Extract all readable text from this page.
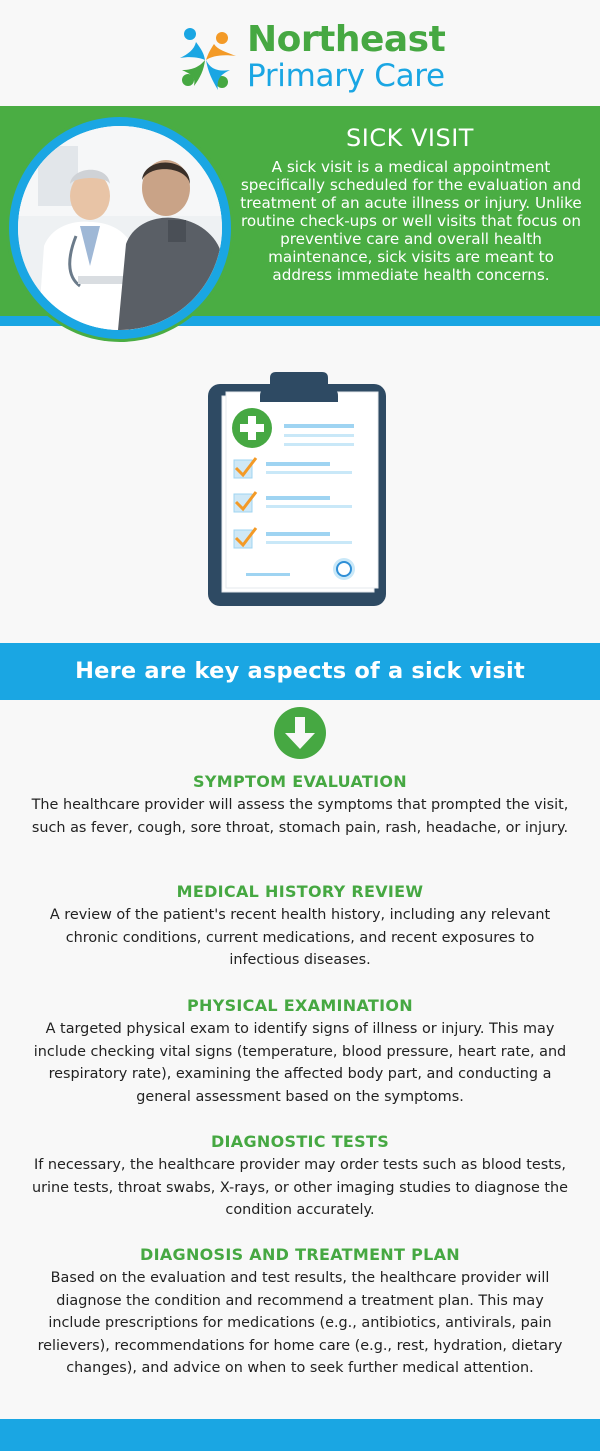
Northeast
Primary Care
SICK VISIT
A sick visit is a medical appointment specifically scheduled for the evaluation and treatment of an acute illness or injury. Unlike routine check-ups or well visits that focus on preventive care and overall health maintenance, sick visits are meant to address immediate health concerns.
Here are key aspects of a sick visit
SYMPTOM EVALUATION

The healthcare provider will assess the symptoms that prompted the visit, such as fever, cough, sore throat, stomach pain, rash, headache, or injury.

MEDICAL HISTORY REVIEW

A review of the patient's recent health history, including any relevant chronic conditions, current medications, and recent exposures to infectious diseases.

PHYSICAL EXAMINATION

A targeted physical exam to identify signs of illness or injury. This may include checking vital signs (temperature, blood pressure, heart rate, and respiratory rate), examining the affected body part, and conducting a general assessment based on the symptoms.

DIAGNOSTIC TESTS

If necessary, the healthcare provider may order tests such as blood tests, urine tests, throat swabs, X-rays, or other imaging studies to diagnose the condition accurately.

DIAGNOSIS AND TREATMENT PLAN

Based on the evaluation and test results, the healthcare provider will diagnose the condition and recommend a treatment plan. This may include prescriptions for medications (e.g., antibiotics, antivirals, pain relievers), recommendations for home care (e.g., rest, hydration, dietary changes), and advice on when to seek further medical attention.
